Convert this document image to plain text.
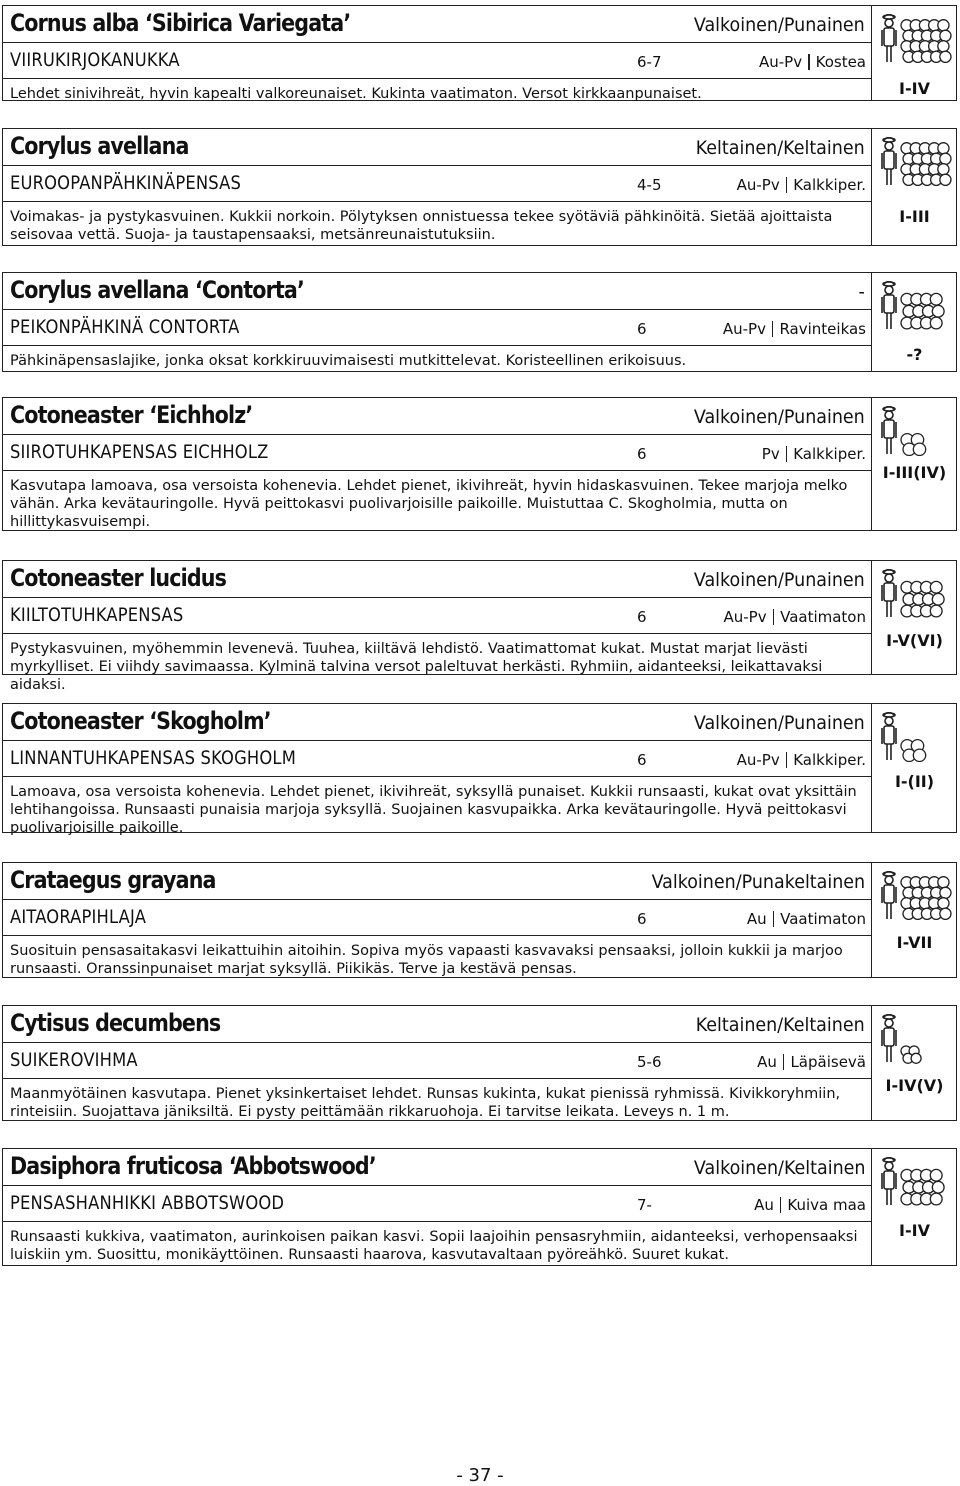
Cornus alba ‘Sibirica Variegata’	Valkoinen/Punainen
VIIRUKIRJOKANUKKA	6-7	Au-Pv Kostea
Lehdet sinivihreät, hyvin kapealti valkoreunaiset. Kukinta vaatimaton. Versot kirkkaanpunaiset.	I-IV
Corylus avellana	Keltainen/Keltainen
EUROOPANPÄHKINÄPENSAS	4-5	Au-Pv Kalkkiper.
Voimakas- ja pystykasvuinen. Kukkii norkoin. Pölytyksen onnistuessa tekee syötäviä pähkinöitä. Sietää ajoittaista seisovaa vettä. Suoja- ja taustapensaaksi, metsänreunaistutuksiin.
I-III
Corylus avellana ‘Contorta’	-
PEIKONPÄHKINÄ CONTORTA	6	Au-Pv Ravinteikas
Pähkinäpensaslajike, jonka oksat korkkiruuvimaisesti mutkittelevat. Koristeellinen erikoisuus.	-?
Cotoneaster ‘Eichholz’	Valkoinen/Punainen
SIIROTUHKAPENSAS EICHHOLZ	6	Pv Kalkkiper.
Kasvutapa lamoava, osa versoista kohenevia. Lehdet pienet, ikivihreät, hyvin hidaskasvuinen. Tekee marjoja melko vähän. Arka kevätauringolle. Hyvä peittokasvi puolivarjoisille paikoille. Muistuttaa C. Skogholmia, mutta on hillittykasvuisempi.
I-III(IV)
Cotoneaster lucidus	Valkoinen/Punainen
KIILTOTUHKAPENSAS	6	Au-Pv Vaatimaton
Pystykasvuinen, myöhemmin levenevä. Tuuhea, kiiltävä lehdistö. Vaatimattomat kukat. Mustat marjat lievästi myrkylliset. Ei viihdy savimaassa. Kylminä talvina versot paleltuvat herkästi. Ryhmiin, aidanteeksi, leikattavaksi aidaksi.
I-V(VI)
Cotoneaster ‘Skogholm’	Valkoinen/Punainen
LINNANTUHKAPENSAS SKOGHOLM	6	Au-Pv Kalkkiper.
Lamoava, osa versoista kohenevia. Lehdet pienet, ikivihreät, syksyllä punaiset. Kukkii runsaasti, kukat ovat yksittäin lehtihangoissa. Runsaasti punaisia marjoja syksyllä. Suojainen kasvupaikka. Arka kevätauringolle. Hyvä peittokasvi puolivarjoisille paikoille.
I-(II)
Crataegus grayana	Valkoinen/Punakeltainen
AITAORAPIHLAJA	6	Au Vaatimaton
Suosituin pensasaitakasvi leikattuihin aitoihin. Sopiva myös vapaasti kasvavaksi pensaaksi, jolloin kukkii ja marjoo runsaasti. Oranssinpunaiset marjat syksyllä. Piikikäs. Terve ja kestävä pensas.
I-VII
Cytisus decumbens	Keltainen/Keltainen
SUIKEROVIHMA	5-6	Au Läpäisevä
Maanmyötäinen kasvutapa. Pienet yksinkertaiset lehdet. Runsas kukinta, kukat pienissä ryhmissä. Kivikkoryhmiin, rinteisiin. Suojattava jäniksiltä. Ei pysty peittämään rikkaruohoja. Ei tarvitse leikata. Leveys n. 1 m.
I-IV(V)
Dasiphora fruticosa ‘Abbotswood’	Valkoinen/Keltainen
PENSASHANHIKKI ABBOTSWOOD	7-	Au Kuiva maa
Runsaasti kukkiva, vaatimaton, aurinkoisen paikan kasvi. Sopii laajoihin pensasryhmiin, aidanteeksi, verhopensaaksi luiskiin ym. Suosittu, monikäyttöinen. Runsaasti haarova, kasvutavaltaan pyöreähkö. Suuret kukat.
I-IV
- 37 -
